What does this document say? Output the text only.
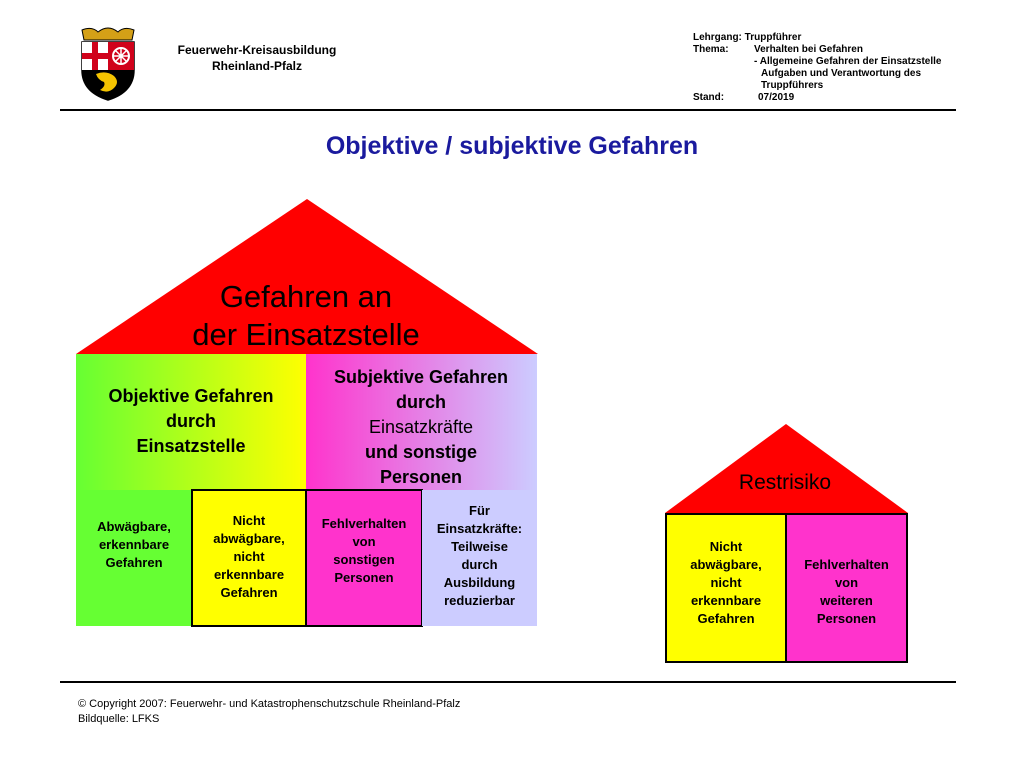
Feuerwehr-Kreisausbildung
Rheinland-Pfalz
Lehrgang:
Truppführer
Thema:	Verhalten bei Gefahren
- Allgemeine Gefahren der Einsatzstelle
Aufgaben und Verantwortung des
Truppführers
Stand:	07/2019
Objektive / subjektive Gefahren
Gefahren an
der Einsatzstelle
Objektive Gefahren
durch
Einsatzstelle
Subjektive Gefahren
durch
Einsatzkräfte
und sonstige
Personen
Abwägbare,
erkennbare
Gefahren
Nicht
abwägbare,
nicht
erkennbare
Gefahren
Fehlverhalten
von
sonstigen
Personen
Für
Einsatzkräfte:
Teilweise
durch
Ausbildung
reduzierbar
Restrisiko
Nicht
abwägbare,
nicht
erkennbare
Gefahren
Fehlverhalten
von
weiteren
Personen
© Copyright 2007: Feuerwehr- und Katastrophenschutzschule Rheinland-Pfalz
Bildquelle: LFKS
